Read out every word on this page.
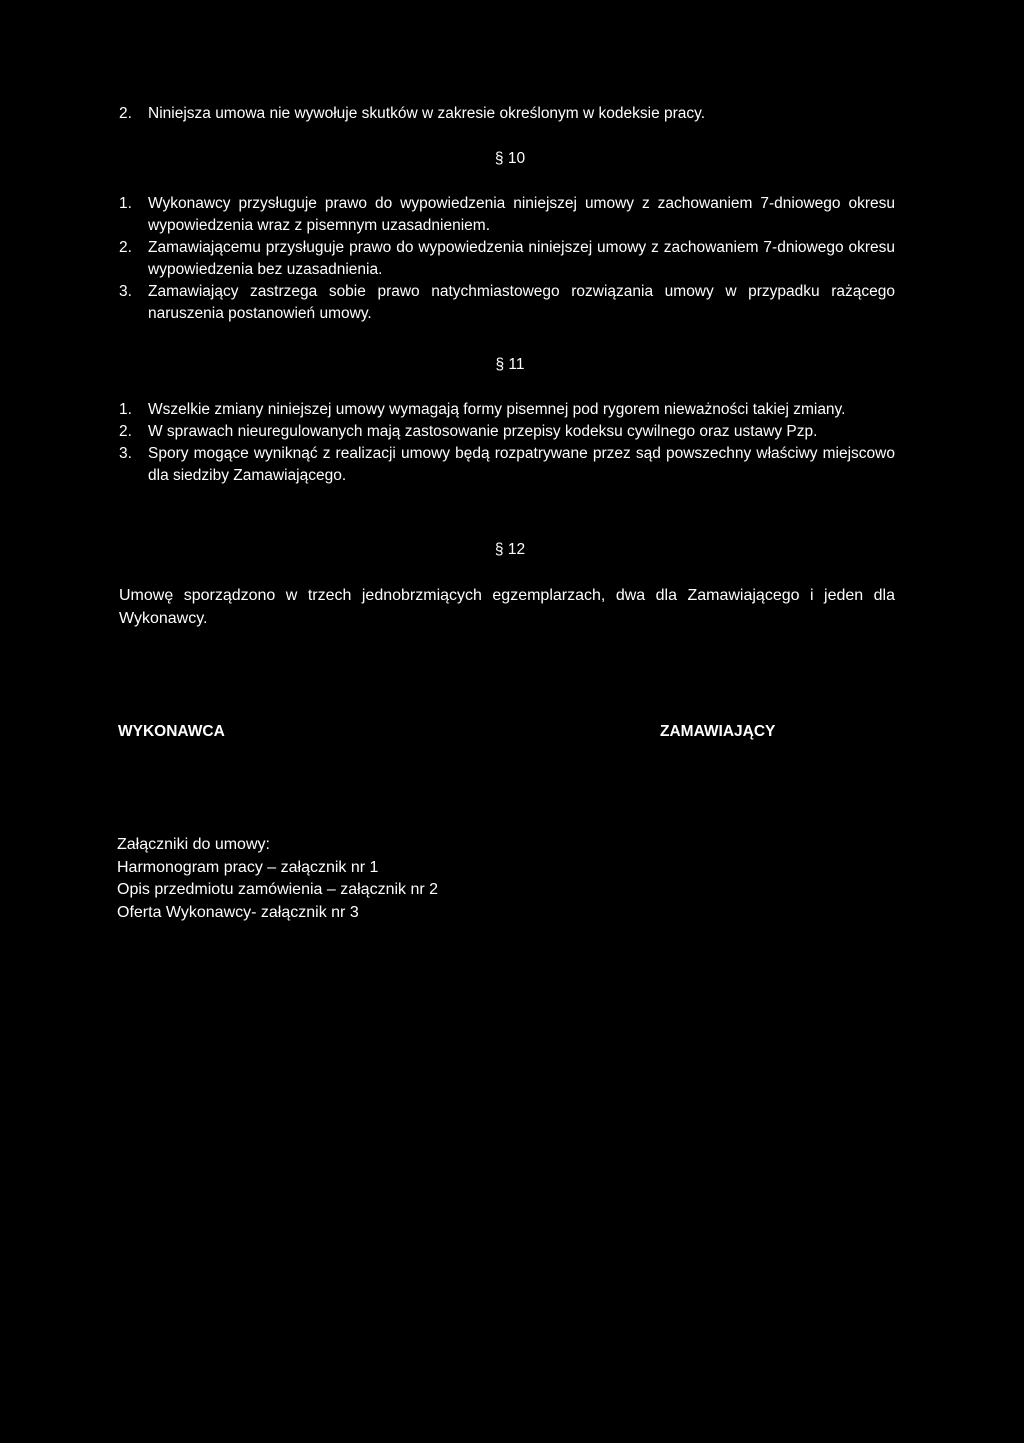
2. Niniejsza umowa nie wywołuje skutków w zakresie określonym w kodeksie pracy.
§ 10
1. Wykonawcy przysługuje prawo do wypowiedzenia niniejszej umowy z zachowaniem 7-dniowego okresu wypowiedzenia wraz z pisemnym uzasadnieniem.
2. Zamawiającemu przysługuje prawo do wypowiedzenia niniejszej umowy z zachowaniem 7-dniowego okresu wypowiedzenia bez uzasadnienia.
3. Zamawiający zastrzega sobie prawo natychmiastowego rozwiązania umowy w przypadku rażącego naruszenia postanowień umowy.
§ 11
1. Wszelkie zmiany niniejszej umowy wymagają formy pisemnej pod rygorem nieważności takiej zmiany.
2. W sprawach nieuregulowanych mają zastosowanie przepisy kodeksu cywilnego oraz ustawy Pzp.
3. Spory mogące wyniknąć z realizacji umowy będą rozpatrywane przez sąd powszechny właściwy miejscowo dla siedziby Zamawiającego.
§ 12
Umowę sporządzono w trzech jednobrzmiących egzemplarzach, dwa dla Zamawiającego i jeden dla Wykonawcy.
WYKONAWCA	ZAMAWIAJĄCY
Załączniki do umowy:
Harmonogram pracy – załącznik nr 1
Opis przedmiotu zamówienia – załącznik nr 2
Oferta Wykonawcy- załącznik nr 3
